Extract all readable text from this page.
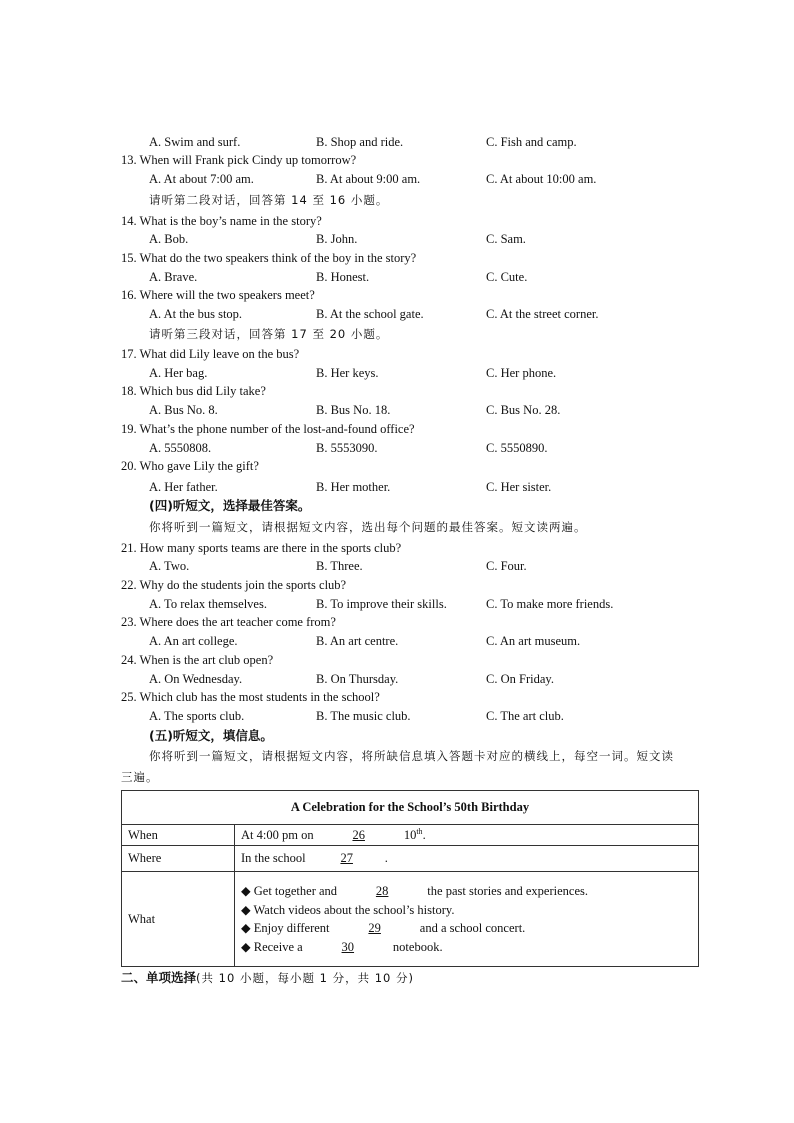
A. Swim and surf.	B. Shop and ride.	C. Fish and camp.
13. When will Frank pick Cindy up tomorrow?
A. At about 7:00 am.	B. At about 9:00 am.	C. At about 10:00 am.
请听第二段对话，回答第 14 至 16 小题。
14. What is the boy’s name in the story?
A. Bob.	B. John.	C. Sam.
15. What do the two speakers think of the boy in the story?
A. Brave.	B. Honest.	C. Cute.
16. Where will the two speakers meet?
A. At the bus stop.	B. At the school gate.	C. At the street corner.
请听第三段对话，回答第 17 至 20 小题。
17. What did Lily leave on the bus?
A. Her bag.	B. Her keys.	C. Her phone.
18. Which bus did Lily take?
A. Bus No. 8.	B. Bus No. 18.	C. Bus No. 28.
19. What’s the phone number of the lost-and-found office?
A. 5550808.	B. 5553090.	C. 5550890.
20. Who gave Lily the gift?
A. Her father.	B. Her mother.	C. Her sister.
(四)听短文，选择最佳答案。
你将听到一篇短文，请根据短文内容，选出每个问题的最佳答案。短文读两遍。
21. How many sports teams are there in the sports club?
A. Two.	B. Three.	C. Four.
22. Why do the students join the sports club?
A. To relax themselves.	B. To improve their skills.	C. To make more friends.
23. Where does the art teacher come from?
A. An art college.	B. An art centre.	C. An art museum.
24. When is the art club open?
A. On Wednesday.	B. On Thursday.	C. On Friday.
25. Which club has the most students in the school?
A. The sports club.	B. The music club.	C. The art club.
(五)听短文，填信息。
你将听到一篇短文，请根据短文内容，将所缺信息填入答题卡对应的横线上，每空一词。短文读三遍。
A Celebration for the School’s 50th Birthday	
When	At 4:00 pm on 26 10th.
Where	In the school 27 .
What	◆ Get together and 28 the past stories and experiences.
◆ Watch videos about the school’s history.
◆ Enjoy different 29 and a school concert.
◆ Receive a 30 notebook.
二、单项选择(共 10 小题，每小题 1 分，共 10 分)
